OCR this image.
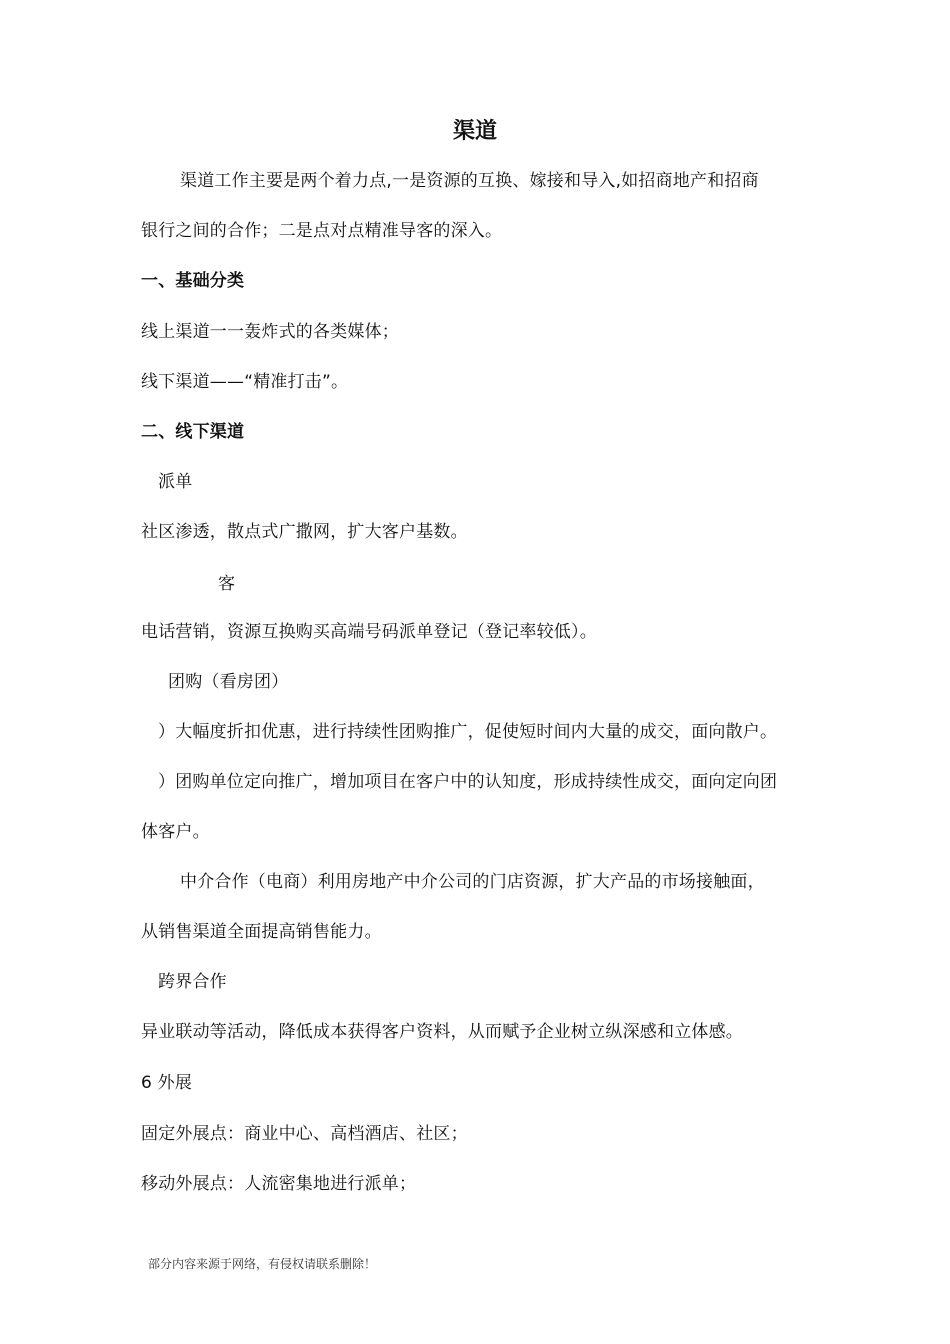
渠道
渠道工作主要是两个着力点,一是资源的互换、嫁接和导入,如招商地产和招商
银行之间的合作；二是点对点精准导客的深入。
一、基础分类
线上渠道一一轰炸式的各类媒体；
线下渠道——“精准打击”。
二、线下渠道
派单
社区渗透，散点式广撒网，扩大客户基数。
客
电话营销，资源互换购买高端号码派单登记（登记率较低）。
团购（看房团）
）大幅度折扣优惠，进行持续性团购推广，促使短时间内大量的成交，面向散户。
）团购单位定向推广，增加项目在客户中的认知度，形成持续性成交，面向定向团
体客户。
中介合作（电商）利用房地产中介公司的门店资源，扩大产品的市场接触面，
从销售渠道全面提高销售能力。
跨界合作
异业联动等活动，降低成本获得客户资料，从而赋予企业树立纵深感和立体感。
6 外展
固定外展点：商业中心、高档酒店、社区；
移动外展点：人流密集地进行派单；
部分内容来源于网络，有侵权请联系删除！
